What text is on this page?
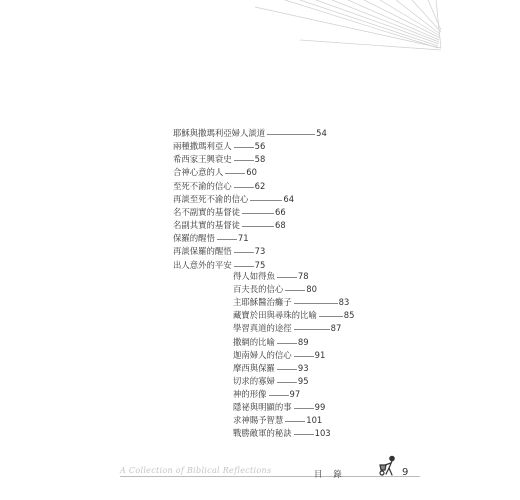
耶穌與撒瑪利亞婦人談道	54
兩種撒瑪利亞人	56
希西家王興衰史	58
合神心意的人	60
至死不渝的信心	62
再談至死不渝的信心	64
名不副實的基督徒	66
名副其實的基督徒	68
保羅的醒悟	71
再談保羅的醒悟	73
出人意外的平安	75
得人如得魚	78
百夫長的信心	80
主耶穌醫治癱子	83
藏寶於田與尋珠的比喻	85
學習真道的途徑	87
撒網的比喻	89
迦南婦人的信心	91
摩西與保羅	93
切求的寡婦	95
神的形像	97
隱祕與明顯的事	99
求神賜予智慧	101
戰勝敵軍的秘訣	103
A Collection of Biblical Reflections	目 錄	9
